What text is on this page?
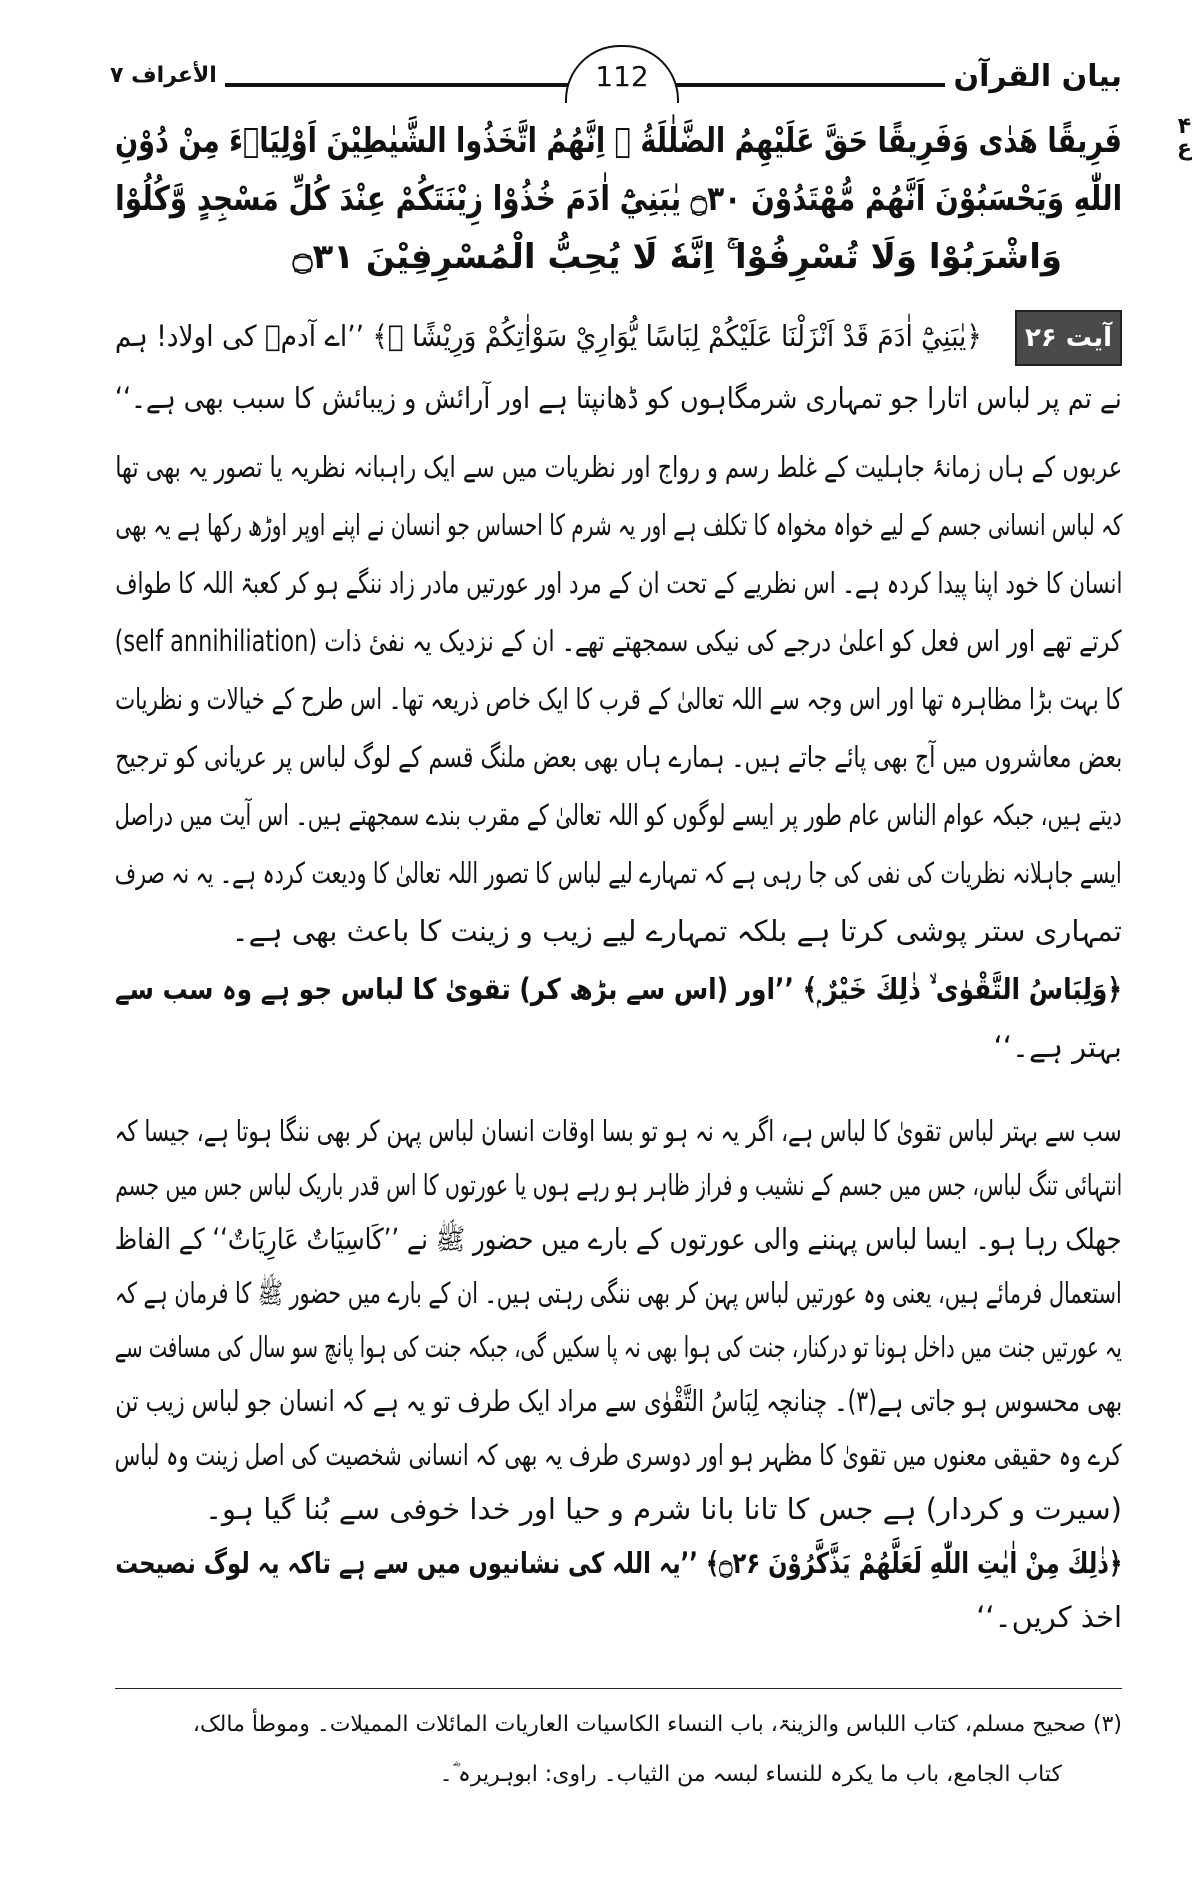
بیان القرآن
112
الأعراف ۷
۴
ع
فَرِيقًا هَدٰى وَفَرِيقًا حَقَّ عَلَيْهِمُ الضَّلٰلَةُ ۭ اِنَّهُمُ اتَّخَذُوا الشَّيٰطِيْنَ اَوْلِيَاۗءَ مِنْ دُوْنِ
اللّٰهِ وَيَحْسَبُوْنَ اَنَّهُمْ مُّهْتَدُوْنَ ۝۳۰ يٰبَنِيْٓ اٰدَمَ خُذُوْا زِيْنَتَكُمْ عِنْدَ كُلِّ مَسْجِدٍ وَّكُلُوْا
وَاشْرَبُوْا وَلَا تُسْرِفُوْا ۚ اِنَّهٗ لَا يُحِبُّ الْمُسْرِفِيْنَ ۝۳۱
آیت ۲۶
﴿يٰبَنِيْٓ اٰدَمَ قَدْ اَنْزَلْنَا عَلَيْكُمْ لِبَاسًا يُّوَارِيْ سَوْاٰتِكُمْ وَرِيْشًا ۭ﴾ ’’اے آدمؑ کی اولاد! ہم
نے تم پر لباس اتارا جو تمہاری شرمگاہوں کو ڈھانپتا ہے اور آرائش و زیبائش کا سبب بھی ہے۔‘‘
عربوں کے ہاں زمانۂ جاہلیت کے غلط رسم و رواج اور نظریات میں سے ایک راہبانہ نظریہ یا تصور یہ بھی تھا
کہ لباس انسانی جسم کے لیے خواہ مخواہ کا تکلف ہے اور یہ شرم کا احساس جو انسان نے اپنے اوپر اوڑھ رکھا ہے یہ بھی
انسان کا خود اپنا پیدا کردہ ہے۔ اس نظریے کے تحت ان کے مرد اور عورتیں مادر زاد ننگے ہو کر کعبۃ اللہ کا طواف
کرتے تھے اور اس فعل کو اعلیٰ درجے کی نیکی سمجھتے تھے۔ ان کے نزدیک یہ نفیٔ ذات (self annihiliation)
کا بہت بڑا مظاہرہ تھا اور اس وجہ سے اللہ تعالیٰ کے قرب کا ایک خاص ذریعہ تھا۔ اس طرح کے خیالات و نظریات
بعض معاشروں میں آج بھی پائے جاتے ہیں۔ ہمارے ہاں بھی بعض ملنگ قسم کے لوگ لباس پر عریانی کو ترجیح
دیتے ہیں، جبکہ عوام الناس عام طور پر ایسے لوگوں کو اللہ تعالیٰ کے مقرب بندے سمجھتے ہیں۔ اس آیت میں دراصل
ایسے جاہلانہ نظریات کی نفی کی جا رہی ہے کہ تمہارے لیے لباس کا تصور اللہ تعالیٰ کا ودیعت کردہ ہے۔ یہ نہ صرف
تمہاری ستر پوشی کرتا ہے بلکہ تمہارے لیے زیب و زینت کا باعث بھی ہے۔
﴿وَلِبَاسُ التَّقْوٰى ۙ ذٰلِكَ خَيْرٌ ۭ﴾ ’’اور (اس سے بڑھ کر) تقویٰ کا لباس جو ہے وہ سب سے
بہتر ہے۔‘‘
سب سے بہتر لباس تقویٰ کا لباس ہے، اگر یہ نہ ہو تو بسا اوقات انسان لباس پہن کر بھی ننگا ہوتا ہے، جیسا کہ
انتہائی تنگ لباس، جس میں جسم کے نشیب و فراز ظاہر ہو رہے ہوں یا عورتوں کا اس قدر باریک لباس جس میں جسم
جھلک رہا ہو۔ ایسا لباس پہننے والی عورتوں کے بارے میں حضور ﷺ نے ’’كَاسِيَاتٌ عَارِيَاتٌ‘‘ کے الفاظ
استعمال فرمائے ہیں، یعنی وہ عورتیں لباس پہن کر بھی ننگی رہتی ہیں۔ ان کے بارے میں حضور ﷺ کا فرمان ہے کہ
یہ عورتیں جنت میں داخل ہونا تو درکنار، جنت کی ہوا بھی نہ پا سکیں گی، جبکہ جنت کی ہوا پانچ سو سال کی مسافت سے
بھی محسوس ہو جاتی ہے(۳)۔ چنانچہ لِبَاسُ التَّقْوٰى سے مراد ایک طرف تو یہ ہے کہ انسان جو لباس زیب تن
کرے وہ حقیقی معنوں میں تقویٰ کا مظہر ہو اور دوسری طرف یہ بھی کہ انسانی شخصیت کی اصل زینت وہ لباس
(سیرت و کردار) ہے جس کا تانا بانا شرم و حیا اور خدا خوفی سے بُنا گیا ہو۔
﴿ذٰلِكَ مِنْ اٰيٰتِ اللّٰهِ لَعَلَّهُمْ يَذَّكَّرُوْنَ ۝۲۶﴾ ’’یہ اللہ کی نشانیوں میں سے ہے تاکہ یہ لوگ نصیحت
اخذ کریں۔‘‘
(۳) صحیح مسلم، کتاب اللباس والزینۃ، باب النساء الکاسیات العاریات المائلات الممیلات۔ وموطأ مالک،
کتاب الجامع، باب ما یکرہ للنساء لبسہ من الثیاب۔ راوی: ابوہریرہ ؓ۔
